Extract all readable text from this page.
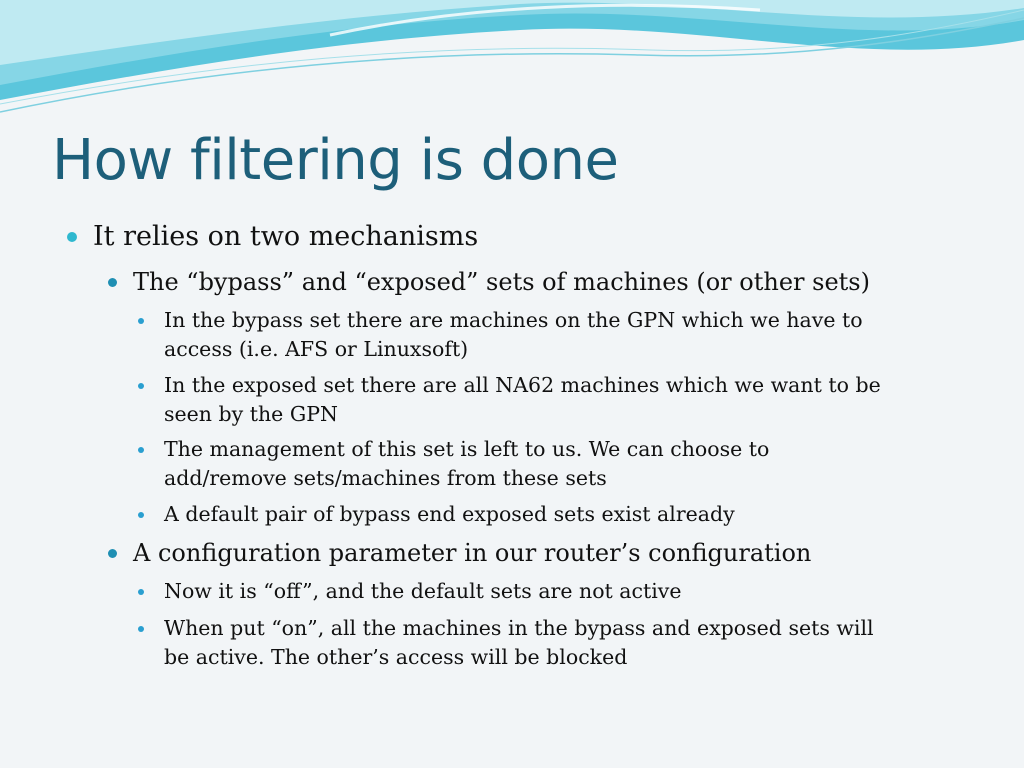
How filtering is done
It relies on two mechanisms
The “bypass” and “exposed” sets of machines (or other sets)
In the bypass set there are machines on the GPN which we have to
access (i.e. AFS or Linuxsoft)
In the exposed set there are all NA62 machines which we want to be
seen by the GPN
The management of this set is left to us. We can choose to
add/remove sets/machines from these sets
A default pair of bypass end exposed sets exist already
A configuration parameter in our router’s configuration
Now it is “off”, and the default sets are not active
When put “on”, all the machines in the bypass and exposed sets will
be active. The other’s access will be blocked
